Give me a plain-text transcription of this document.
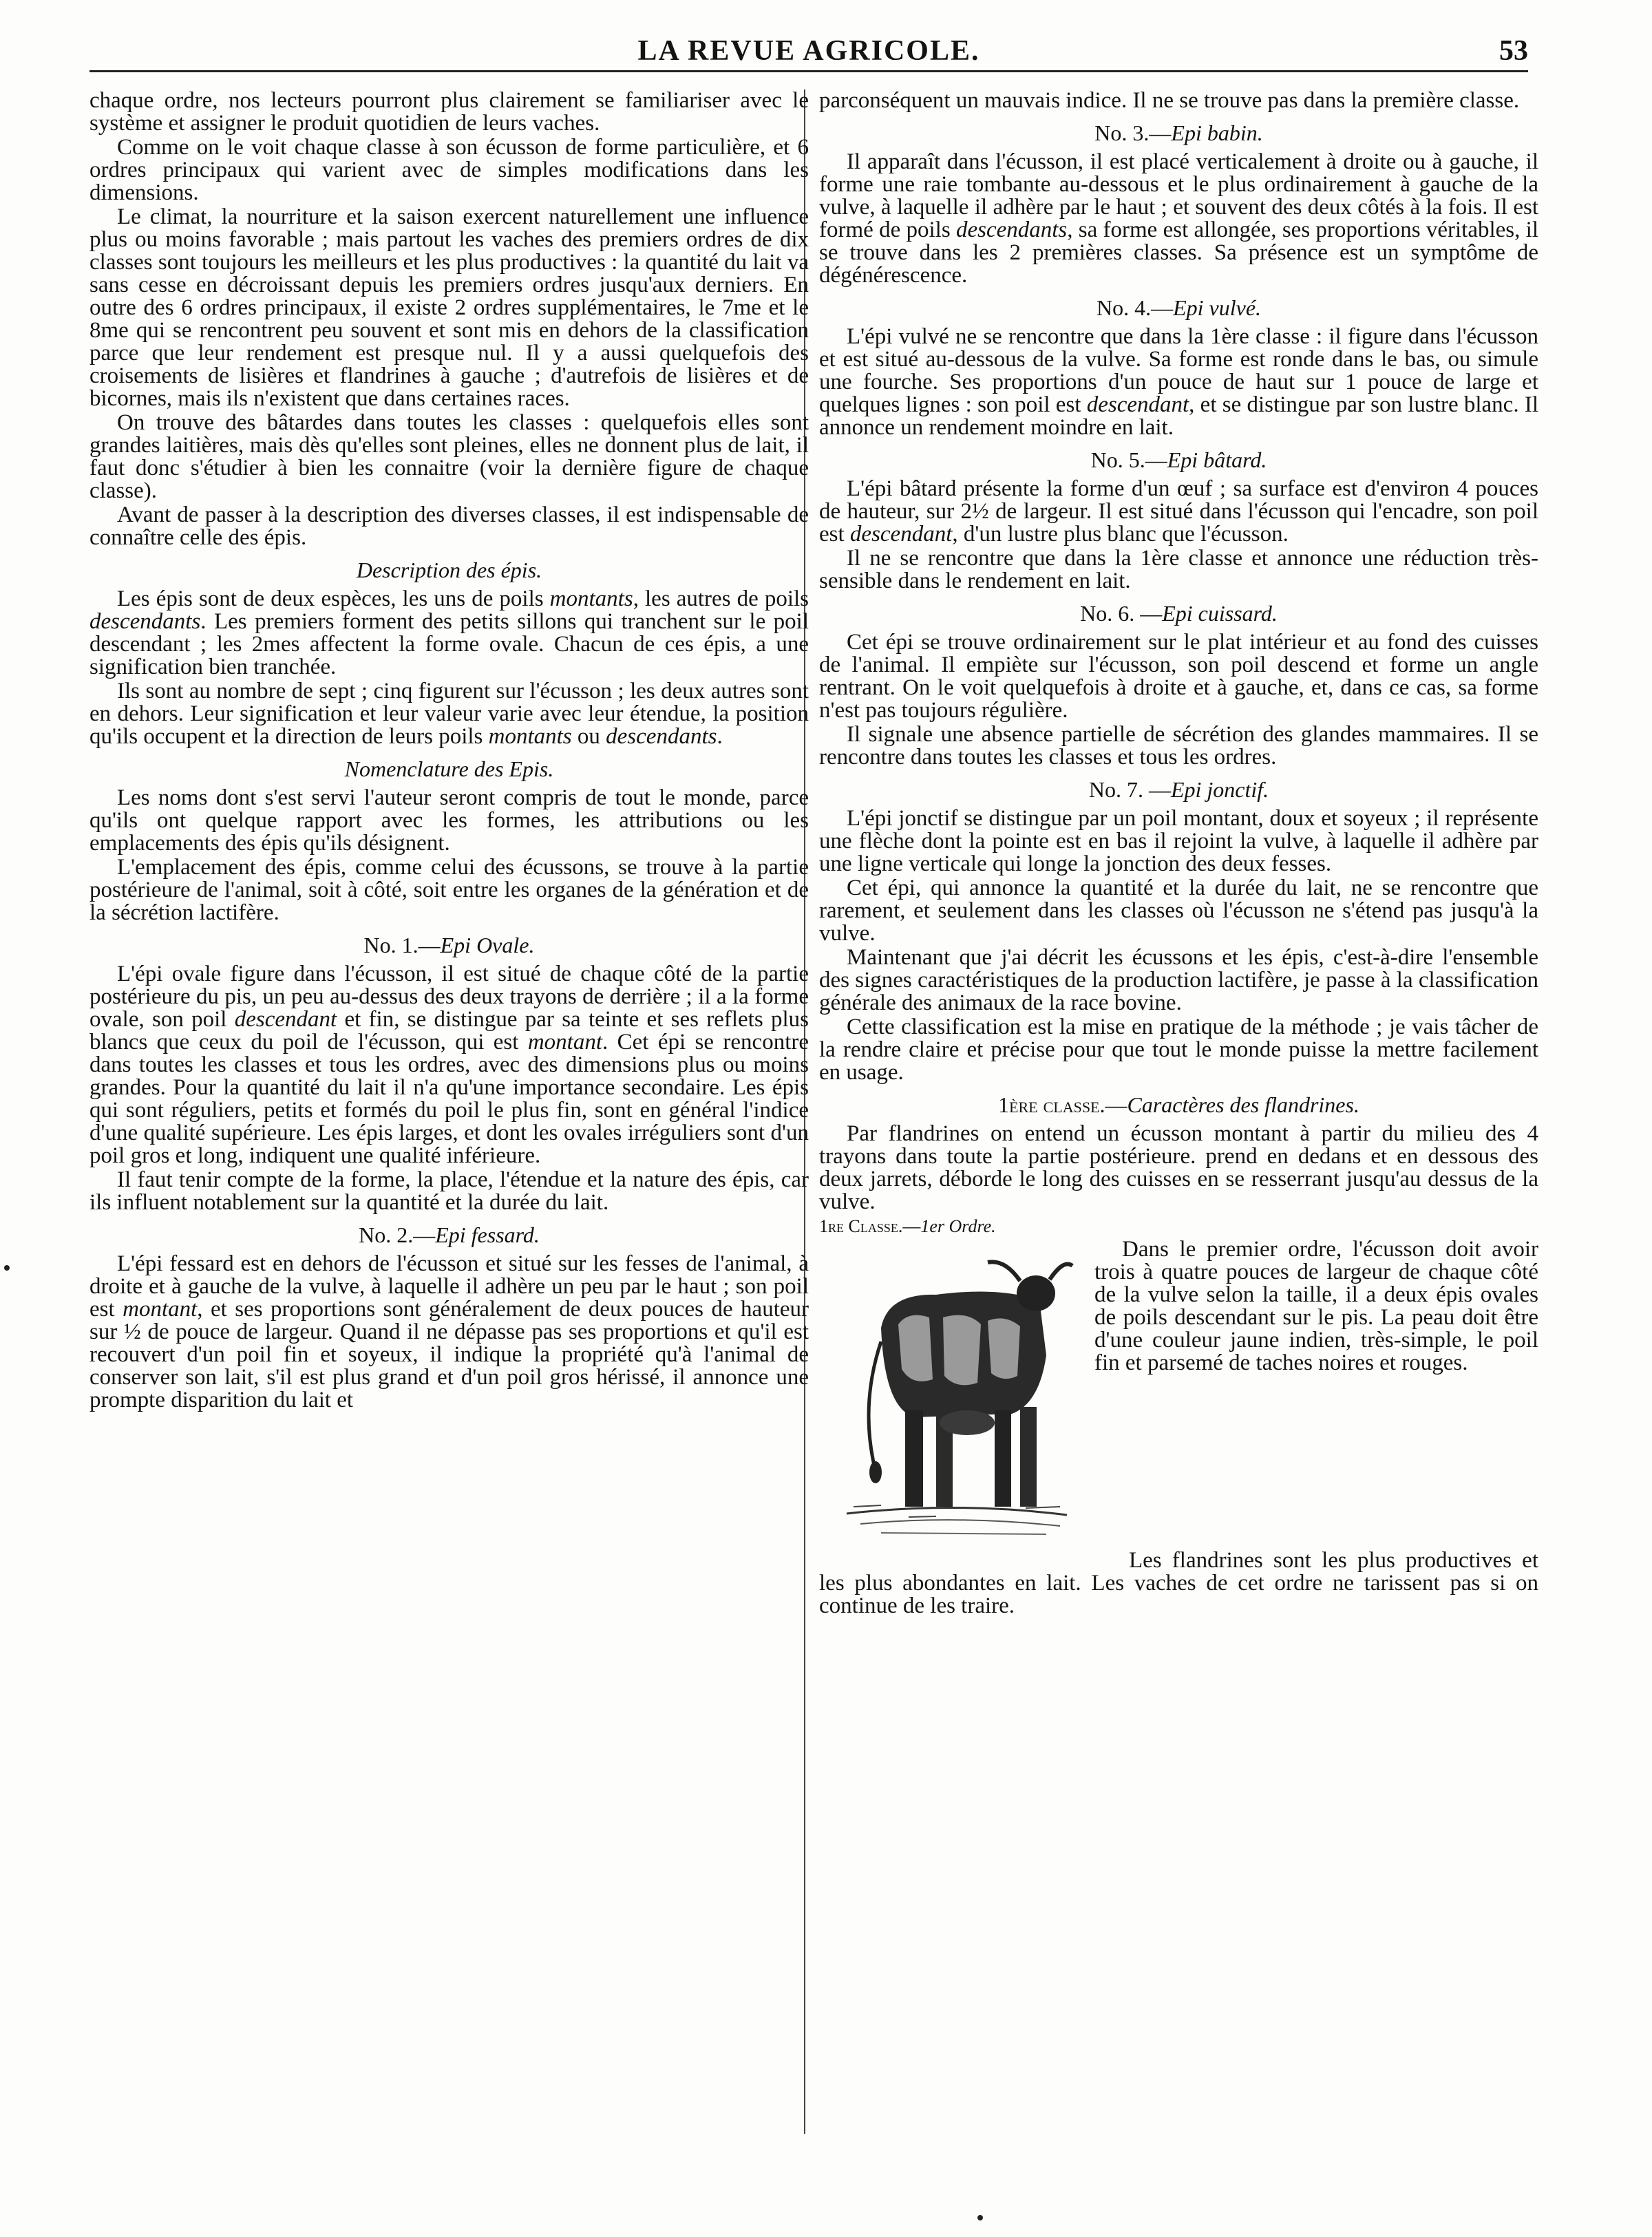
LA REVUE AGRICOLE.	53

chaque ordre, nos lecteurs pourront plus clairement se familiariser avec le système et assigner le produit quotidien de leurs vaches.

Comme on le voit chaque classe à son écusson de forme particulière, et 6 ordres principaux qui varient avec de simples modifications dans les dimensions.

Le climat, la nourriture et la saison exercent naturellement une influence plus ou moins favorable ; mais partout les vaches des premiers ordres de dix classes sont toujours les meilleurs et les plus productives : la quantité du lait va sans cesse en décroissant depuis les premiers ordres jusqu'aux derniers. En outre des 6 ordres principaux, il existe 2 ordres supplémentaires, le 7me et le 8me qui se rencontrent peu souvent et sont mis en dehors de la classification parce que leur rendement est presque nul. Il y a aussi quelquefois des croisements de lisières et flandrines à gauche ; d'autrefois de lisières et de bicornes, mais ils n'existent que dans certaines races.

On trouve des bâtardes dans toutes les classes : quelquefois elles sont grandes laitières, mais dès qu'elles sont pleines, elles ne donnent plus de lait, il faut donc s'étudier à bien les connaitre (voir la dernière figure de chaque classe).

Avant de passer à la description des diverses classes, il est indispensable de connaître celle des épis.

Description des épis.

Les épis sont de deux espèces, les uns de poils montants, les autres de poils descendants. Les premiers forment des petits sillons qui tranchent sur le poil descendant ; les 2mes affectent la forme ovale. Chacun de ces épis, a une signification bien tranchée.

Ils sont au nombre de sept ; cinq figurent sur l'écusson ; les deux autres sont en dehors. Leur signification et leur valeur varie avec leur étendue, la position qu'ils occupent et la direction de leurs poils montants ou descendants.

Nomenclature des Epis.

Les noms dont s'est servi l'auteur seront compris de tout le monde, parce qu'ils ont quelque rapport avec les formes, les attributions ou les emplacements des épis qu'ils désignent.

L'emplacement des épis, comme celui des écussons, se trouve à la partie postérieure de l'animal, soit à côté, soit entre les organes de la génération et de la sécrétion lactifère.

No. 1.—Epi Ovale.

L'épi ovale figure dans l'écusson, il est situé de chaque côté de la partie postérieure du pis, un peu au-dessus des deux trayons de derrière ; il a la forme ovale, son poil descendant et fin, se distingue par sa teinte et ses reflets plus blancs que ceux du poil de l'écusson, qui est montant. Cet épi se rencontre dans toutes les classes et tous les ordres, avec des dimensions plus ou moins grandes. Pour la quantité du lait il n'a qu'une importance secondaire. Les épis qui sont réguliers, petits et formés du poil le plus fin, sont en général l'indice d'une qualité supérieure. Les épis larges, et dont les ovales irréguliers sont d'un poil gros et long, indiquent une qualité inférieure.

Il faut tenir compte de la forme, la place, l'étendue et la nature des épis, car ils influent notablement sur la quantité et la durée du lait.

No. 2.—Epi fessard.

L'épi fessard est en dehors de l'écusson et situé sur les fesses de l'animal, à droite et à gauche de la vulve, à laquelle il adhère un peu par le haut ; son poil est montant, et ses proportions sont généralement de deux pouces de hauteur sur ½ de pouce de largeur. Quand il ne dépasse pas ses proportions et qu'il est recouvert d'un poil fin et soyeux, il indique la propriété qu'à l'animal de conserver son lait, s'il est plus grand et d'un poil gros hérissé, il annonce une prompte disparition du lait et

parconséquent un mauvais indice. Il ne se trouve pas dans la première classe.

No. 3.—Epi babin.

Il apparaît dans l'écusson, il est placé verticalement à droite ou à gauche, il forme une raie tombante au-dessous et le plus ordinairement à gauche de la vulve, à laquelle il adhère par le haut ; et souvent des deux côtés à la fois. Il est formé de poils descendants, sa forme est allongée, ses proportions véritables, il se trouve dans les 2 premières classes. Sa présence est un symptôme de dégénérescence.

No. 4.—Epi vulvé.

L'épi vulvé ne se rencontre que dans la 1ère classe : il figure dans l'écusson et est situé au-dessous de la vulve. Sa forme est ronde dans le bas, ou simule une fourche. Ses proportions d'un pouce de haut sur 1 pouce de large et quelques lignes : son poil est descendant, et se distingue par son lustre blanc. Il annonce un rendement moindre en lait.

No. 5.—Epi bâtard.

L'épi bâtard présente la forme d'un œuf ; sa surface est d'environ 4 pouces de hauteur, sur 2½ de largeur. Il est situé dans l'écusson qui l'encadre, son poil est descendant, d'un lustre plus blanc que l'écusson.

Il ne se rencontre que dans la 1ère classe et annonce une réduction très-sensible dans le rendement en lait.

No. 6. —Epi cuissard.

Cet épi se trouve ordinairement sur le plat intérieur et au fond des cuisses de l'animal. Il empiète sur l'écusson, son poil descend et forme un angle rentrant. On le voit quelquefois à droite et à gauche, et, dans ce cas, sa forme n'est pas toujours régulière.

Il signale une absence partielle de sécrétion des glandes mammaires. Il se rencontre dans toutes les classes et tous les ordres.

No. 7. —Epi jonctif.

L'épi jonctif se distingue par un poil montant, doux et soyeux ; il représente une flèche dont la pointe est en bas il rejoint la vulve, à laquelle il adhère par une ligne verticale qui longe la jonction des deux fesses.

Cet épi, qui annonce la quantité et la durée du lait, ne se rencontre que rarement, et seulement dans les classes où l'écusson ne s'étend pas jusqu'à la vulve.

Maintenant que j'ai décrit les écussons et les épis, c'est-à-dire l'ensemble des signes caractéristiques de la production lactifère, je passe à la classification générale des animaux de la race bovine.

Cette classification est la mise en pratique de la méthode ; je vais tâcher de la rendre claire et précise pour que tout le monde puisse la mettre facilement en usage.

1ère classe.—Caractères des flandrines.

Par flandrines on entend un écusson montant à partir du milieu des 4 trayons dans toute la partie postérieure. prend en dedans et en dessous des deux jarrets, déborde le long des cuisses en se resserrant jusqu'au dessus de la vulve.

1re Classe.—1er Ordre.

Dans le premier ordre, l'écusson doit avoir trois à quatre pouces de largeur de chaque côté de la vulve selon la taille, il a deux épis ovales de poils descendant sur le pis. La peau doit être d'une couleur jaune indien, très-simple, le poil fin et parsemé de taches noires et rouges.

Les flandrines sont les plus productives et les plus abondantes en lait. Les vaches de cet ordre ne tarissent pas si on continue de les traire.
